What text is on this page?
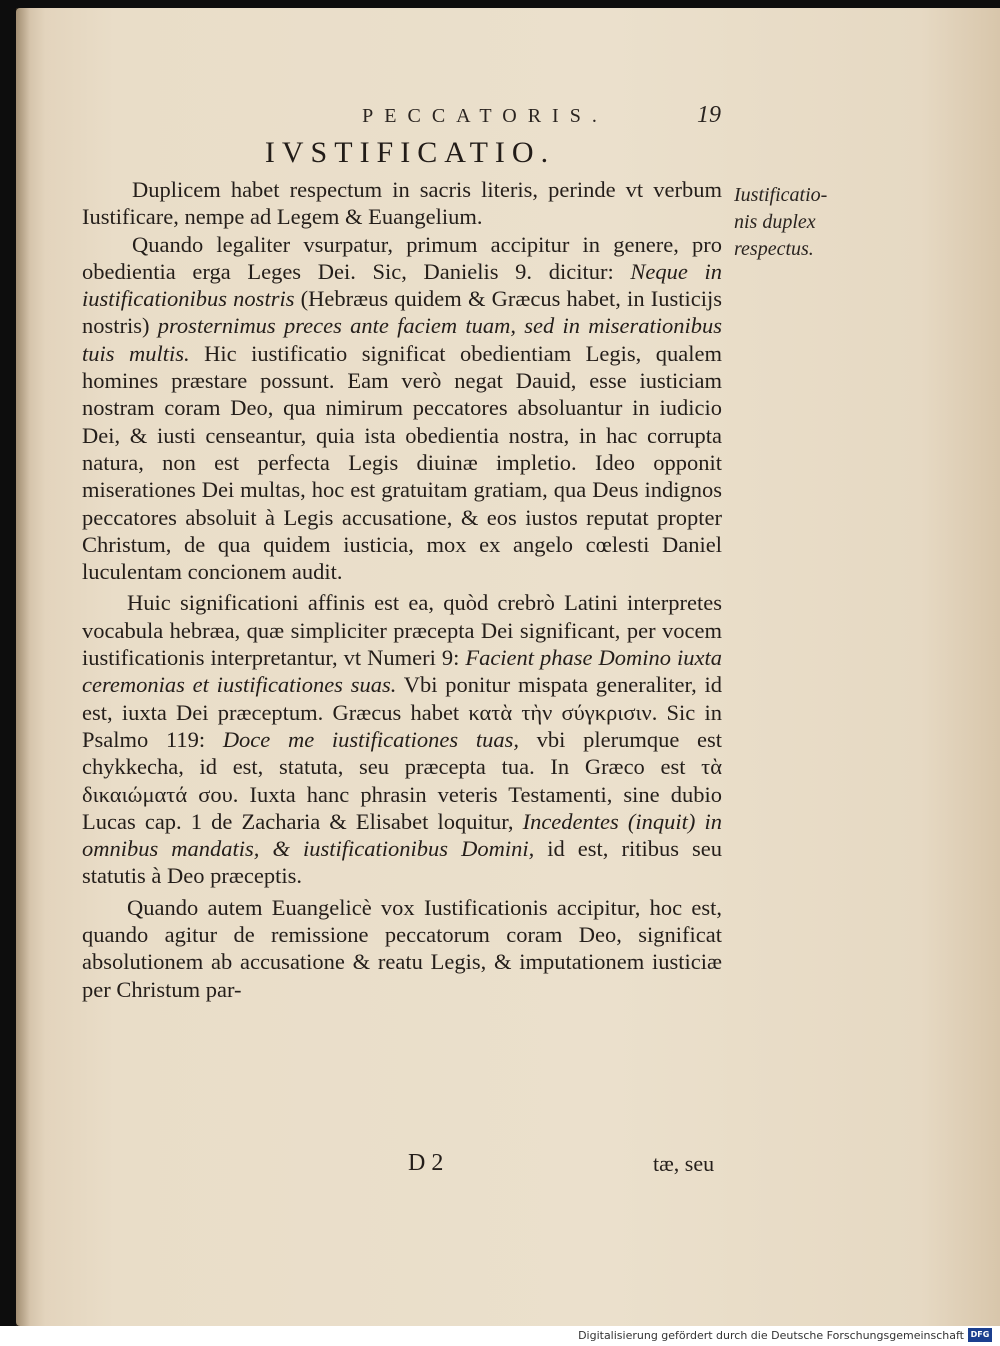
PECCATORIS.	19
IVSTIFICATIO.
Iustificatio-
nis duplex
respectus.

Duplicem habet respectum in sacris literis, perinde vt verbum Iustificare, nempe ad Legem & Euangelium.

Quando legaliter vsurpatur, primum accipitur in genere, pro obedientia erga Leges Dei. Sic, Danielis 9. dicitur: Neque in iustificationibus nostris (Hebræus quidem & Græcus habet, in Iusticijs nostris) prosternimus preces ante faciem tuam, sed in miserationibus tuis multis. Hic iustificatio significat obedientiam Legis, qualem homines præstare possunt. Eam verò negat Dauid, esse iusticiam nostram coram Deo, qua nimirum peccatores absoluantur in iudicio Dei, & iusti censeantur, quia ista obedientia nostra, in hac corrupta natura, non est perfecta Legis diuinæ impletio. Ideo opponit miserationes Dei multas, hoc est gratuitam gratiam, qua Deus indignos peccatores absoluit à Legis accusatione, & eos iustos reputat propter Christum, de qua quidem iusticia, mox ex angelo cœlesti Daniel luculentam concionem audit.

Huic significationi affinis est ea, quòd crebrò Latini interpretes vocabula hebræa, quæ simpliciter præcepta Dei significant, per vocem iustificationis interpretantur, vt Numeri 9: Facient phase Domino iuxta ceremonias et iustificationes suas. Vbi ponitur mispata generaliter, id est, iuxta Dei præceptum. Græcus habet κατὰ τὴν σύγκρισιν. Sic in Psalmo 119: Doce me iustificationes tuas, vbi plerumque est chykkecha, id est, statuta, seu præcepta tua. In Græco est τὰ δικαιώματά σου. Iuxta hanc phrasin veteris Testamenti, sine dubio Lucas cap. 1 de Zacharia & Elisabet loquitur, Incedentes (inquit) in omnibus mandatis, & iustificationibus Domini, id est, ritibus seu statutis à Deo præceptis.

Quando autem Euangelicè vox Iustificationis accipitur, hoc est, quando agitur de remissione peccatorum coram Deo, significat absolutionem ab accusatione & reatu Legis, & imputationem iusticiæ per Christum par-

D 2	tæ, seu
Digitalisierung gefördert durch die Deutsche Forschungsgemeinschaft DFG
